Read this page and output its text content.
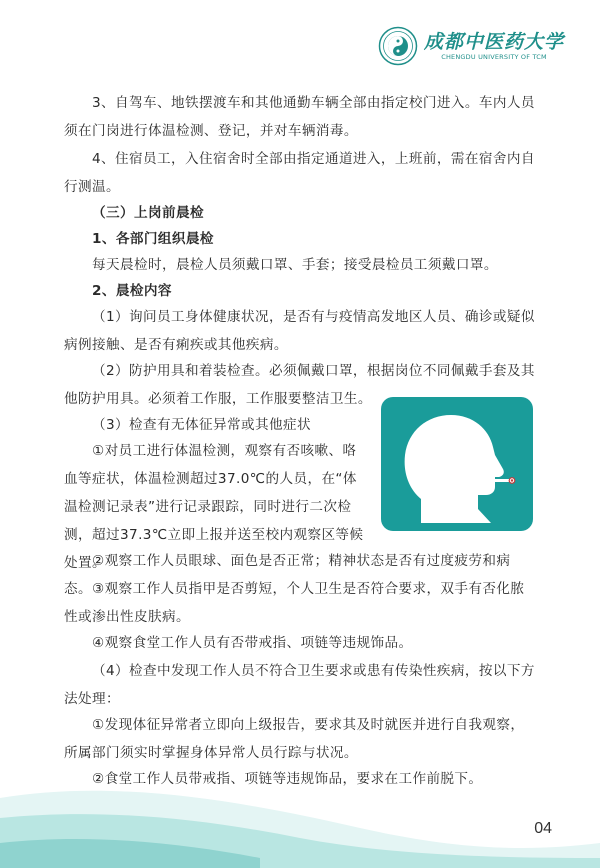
成都中医药大学
CHENGDU UNIVERSITY OF TCM

3、自驾车、地铁摆渡车和其他通勤车辆全部由指定校门进入。车内人员须在门岗进行体温检测、登记，并对车辆消毒。

4、住宿员工，入住宿舍时全部由指定通道进入，上班前，需在宿舍内自行测温。

（三）上岗前晨检

1、各部门组织晨检

每天晨检时，晨检人员须戴口罩、手套；接受晨检员工须戴口罩。

2、晨检内容

（1）询问员工身体健康状况，是否有与疫情高发地区人员、确诊或疑似病例接触、是否有痢疾或其他疾病。

（2）防护用具和着装检查。必须佩戴口罩，根据岗位不同佩戴手套及其他防护用具。必须着工作服，工作服要整洁卫生。

（3）检查有无体征异常或其他症状

①对员工进行体温检测，观察有否咳嗽、咯血等症状，体温检测超过37.0℃的人员，在“体温检测记录表”进行记录跟踪，同时进行二次检测，超过37.3℃立即上报并送至校内观察区等候处置。

②观察工作人员眼球、面色是否正常；精神状态是否有过度疲劳和病态。 ③观察工作人员指甲是否剪短，个人卫生是否符合要求，双手有否化脓性或渗出性皮肤病。

④观察食堂工作人员有否带戒指、项链等违规饰品。

（4）检查中发现工作人员不符合卫生要求或患有传染性疾病，按以下方法处理：

①发现体征异常者立即向上级报告，要求其及时就医并进行自我观察，所属部门须实时掌握身体异常人员行踪与状况。

②食堂工作人员带戒指、项链等违规饰品，要求在工作前脱下。

04
